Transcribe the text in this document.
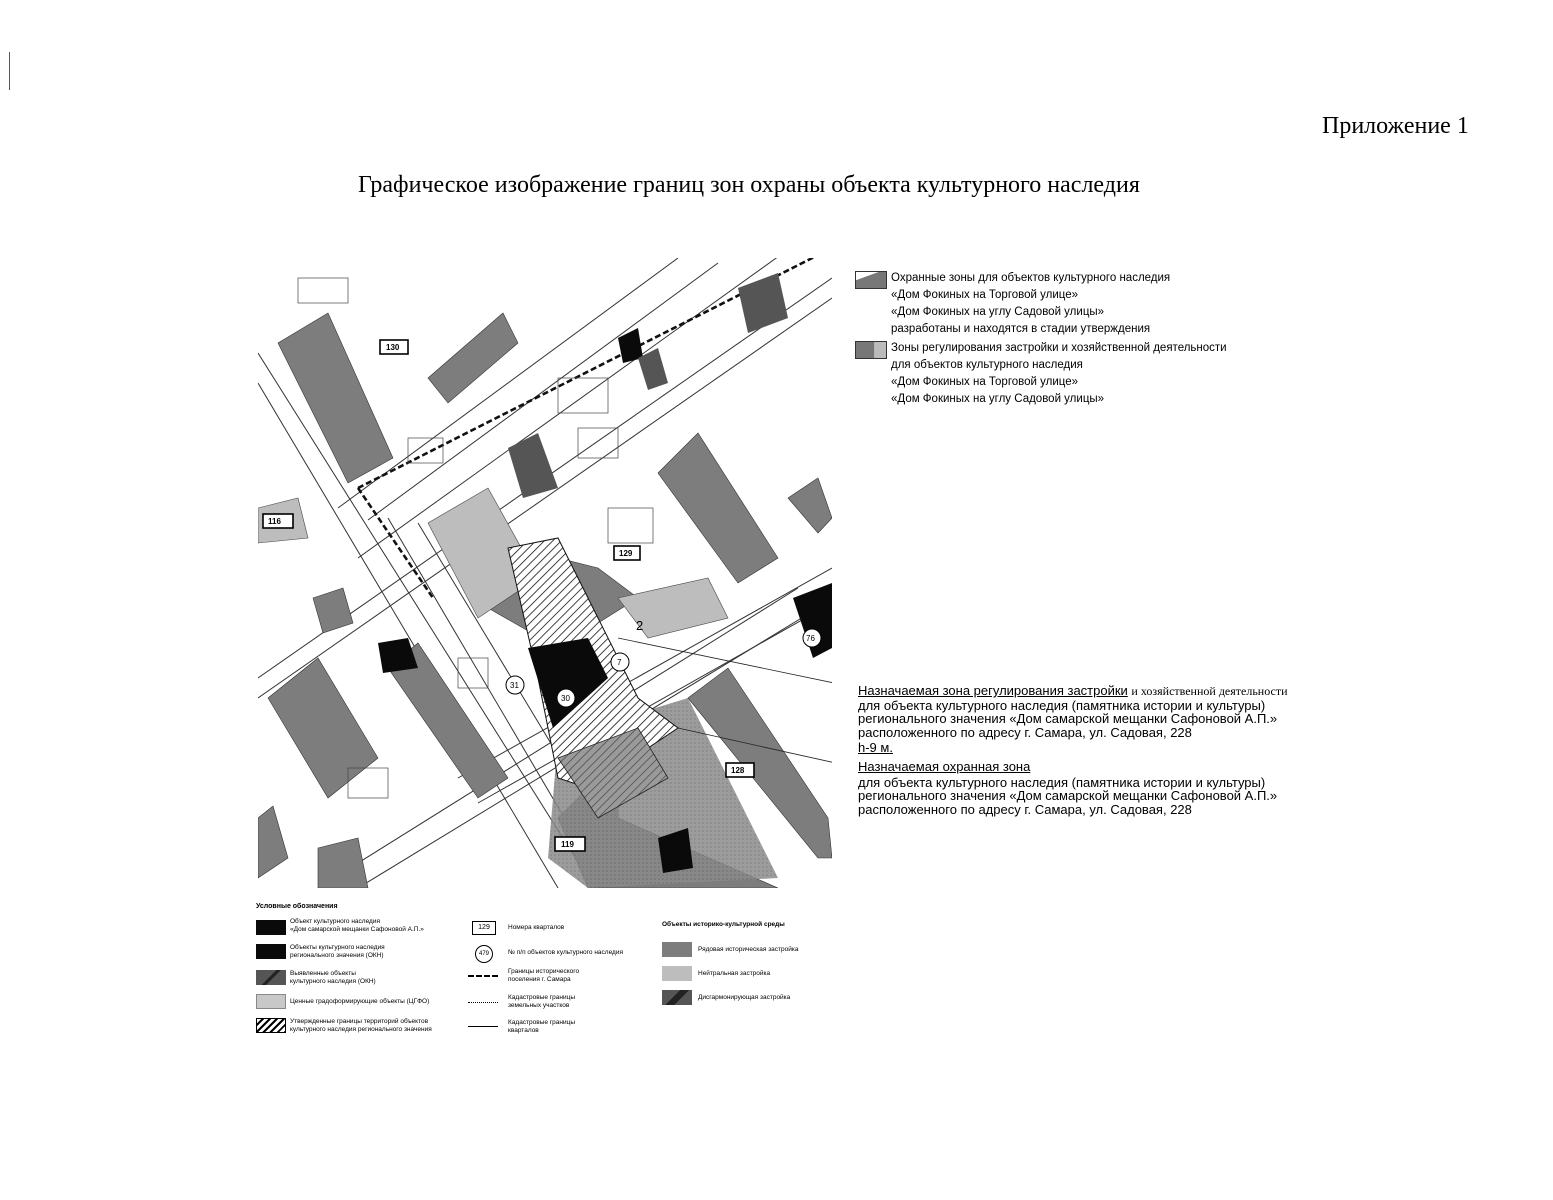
Приложение 1
Графическое изображение границ зон охраны объекта культурного наследия
130
129
128
119
116
31
30
7
76
2
Охранные зоны для объектов культурного наследия
«Дом Фокиных на Торговой улице»
«Дом Фокиных на углу Садовой улицы»
разработаны и находятся в стадии утверждения
Зоны регулирования застройки и хозяйственной деятельности
для объектов культурного наследия
«Дом Фокиных на Торговой улице»
«Дом Фокиных на углу Садовой улицы»
Назначаемая зона регулирования застройки и хозяйственной деятельности
для объекта культурного наследия (памятника истории и культуры)
регионального значения «Дом самарской мещанки Сафоновой А.П.»
расположенного по адресу г. Самара, ул. Садовая, 228
h-9 м.
Назначаемая охранная зона
для объекта культурного наследия (памятника истории и культуры)
регионального значения «Дом самарской мещанки Сафоновой А.П.»
расположенного по адресу г. Самара, ул. Садовая, 228
Условные обозначения
Объект культурного наследия
«Дом самарской мещанки Сафоновой А.П.»
Объекты культурного наследия
регионального значения (ОКН)
Выявленные объекты
культурного наследия (ОКН)
Ценные градоформирующие объекты (ЦГФО)
Утвержденные границы территорий объектов
культурного наследия регионального значения
129	Номера кварталов
479	№ п/п объектов культурного наследия
Границы исторического
поселения г. Самара
Кадастровые границы
земельных участков
Кадастровые границы
кварталов
Объекты историко-культурной среды
Рядовая историческая застройка
Нейтральная застройка
Дисгармонирующая застройка
